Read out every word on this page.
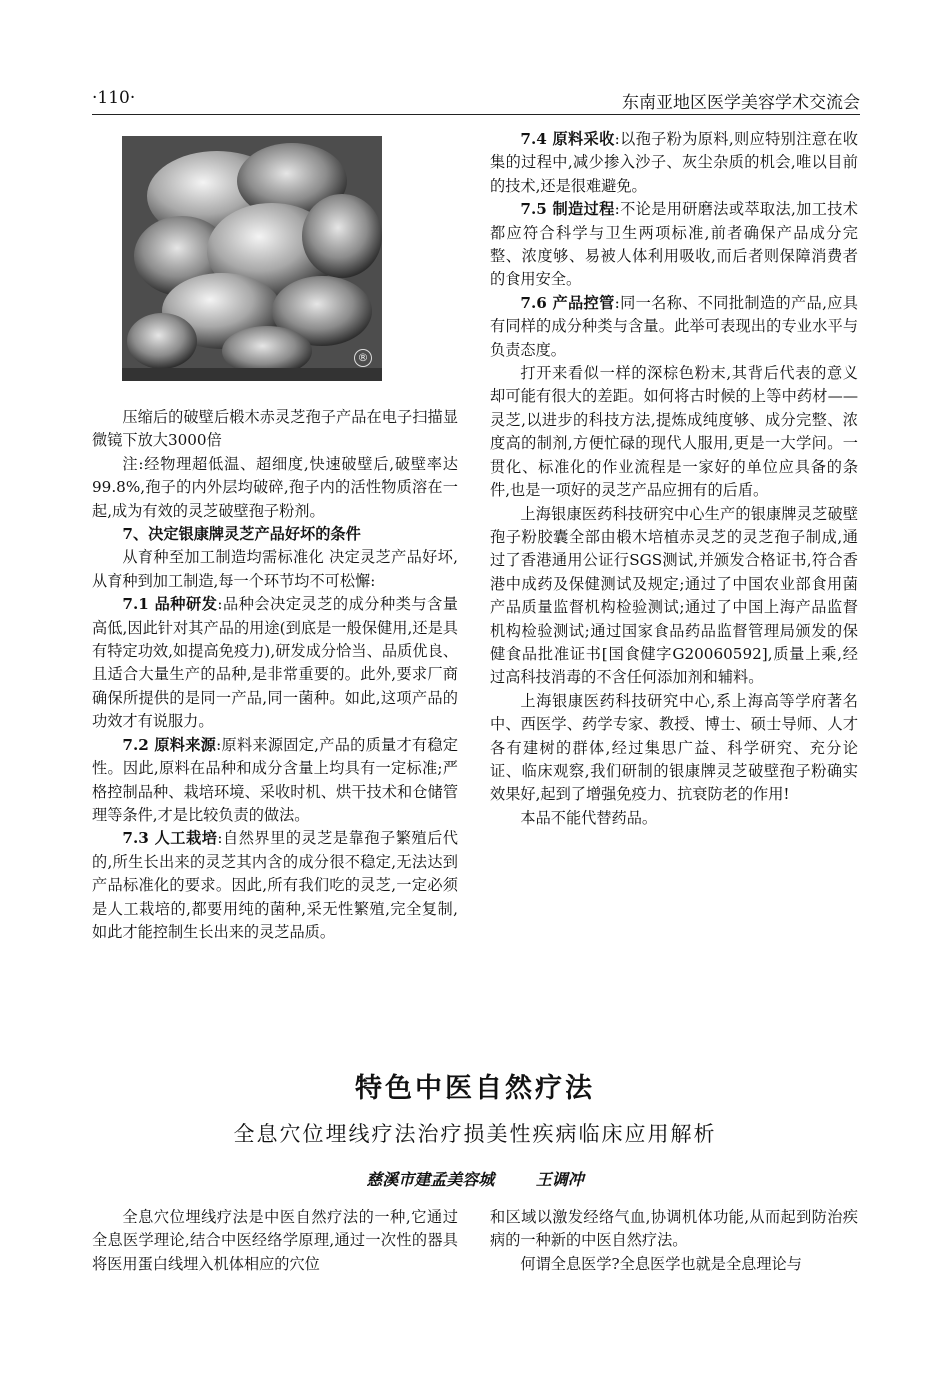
·110·	东南亚地区医学美容学术交流会
®

压缩后的破壁后椴木赤灵芝孢子产品在电子扫描显微镜下放大3000倍

注:经物理超低温、超细度,快速破壁后,破壁率达99.8%,孢子的内外层均破碎,孢子内的活性物质溶在一起,成为有效的灵芝破壁孢子粉剂。

7、决定银康牌灵芝产品好坏的条件

从育种至加工制造均需标准化 决定灵芝产品好坏,从育种到加工制造,每一个环节均不可松懈:

7.1 品种研发:品种会决定灵芝的成分种类与含量高低,因此针对其产品的用途(到底是一般保健用,还是具有特定功效,如提高免疫力),研发成分恰当、品质优良、且适合大量生产的品种,是非常重要的。此外,要求厂商确保所提供的是同一产品,同一菌种。如此,这项产品的功效才有说服力。

7.2 原料来源:原料来源固定,产品的质量才有稳定性。因此,原料在品种和成分含量上均具有一定标准;严格控制品种、栽培环境、采收时机、烘干技术和仓储管理等条件,才是比较负责的做法。

7.3 人工栽培:自然界里的灵芝是靠孢子繁殖后代的,所生长出来的灵芝其内含的成分很不稳定,无法达到产品标准化的要求。因此,所有我们吃的灵芝,一定必须是人工栽培的,都要用纯的菌种,采无性繁殖,完全复制,如此才能控制生长出来的灵芝品质。

7.4 原料采收:以孢子粉为原料,则应特别注意在收集的过程中,减少掺入沙子、灰尘杂质的机会,唯以目前的技术,还是很难避免。

7.5 制造过程:不论是用研磨法或萃取法,加工技术都应符合科学与卫生两项标准,前者确保产品成分完整、浓度够、易被人体利用吸收,而后者则保障消费者的食用安全。

7.6 产品控管:同一名称、不同批制造的产品,应具有同样的成分种类与含量。此举可表现出的专业水平与负责态度。

打开来看似一样的深棕色粉末,其背后代表的意义却可能有很大的差距。如何将古时候的上等中药材——灵芝,以进步的科技方法,提炼成纯度够、成分完整、浓度高的制剂,方便忙碌的现代人服用,更是一大学问。一贯化、标准化的作业流程是一家好的单位应具备的条件,也是一项好的灵芝产品应拥有的后盾。

上海银康医药科技研究中心生产的银康牌灵芝破壁孢子粉胶囊全部由椴木培植赤灵芝的灵芝孢子制成,通过了香港通用公证行SGS测试,并颁发合格证书,符合香港中成药及保健测试及规定;通过了中国农业部食用菌产品质量监督机构检验测试;通过了中国上海产品监督机构检验测试;通过国家食品药品监督管理局颁发的保健食品批准证书[国食健字G20060592],质量上乘,经过高科技消毒的不含任何添加剂和辅料。

上海银康医药科技研究中心,系上海高等学府著名中、西医学、药学专家、教授、博士、硕士导师、人才各有建树的群体,经过集思广益、科学研究、充分论证、临床观察,我们研制的银康牌灵芝破壁孢子粉确实效果好,起到了增强免疫力、抗衰防老的作用!

本品不能代替药品。

特色中医自然疗法
全息穴位埋线疗法治疗损美性疾病临床应用解析
慈溪市建孟美容城	王调冲

全息穴位埋线疗法是中医自然疗法的一种,它通过全息医学理论,结合中医经络学原理,通过一次性的器具将医用蛋白线埋入机体相应的穴位

和区域以激发经络气血,协调机体功能,从而起到防治疾病的一种新的中医自然疗法。

何谓全息医学?全息医学也就是全息理论与
